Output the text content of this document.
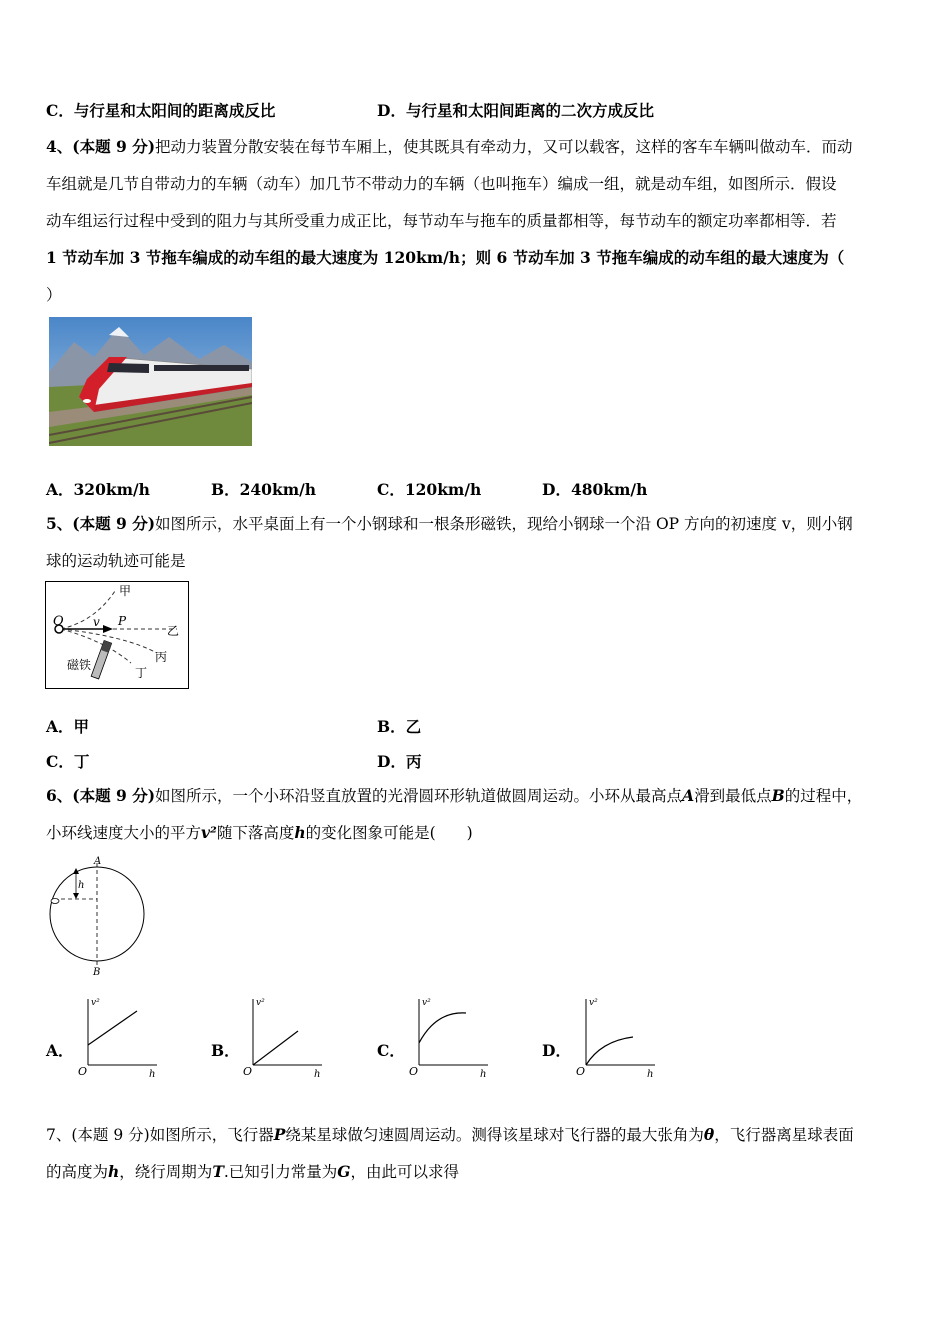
C．与行星和太阳间的距离成反比	D．与行星和太阳间距离的二次方成反比
4、(本题 9 分)把动力装置分散安装在每节车厢上，使其既具有牵动力，又可以载客，这样的客车车辆叫做动车．而动
车组就是几节自带动力的车辆（动车）加几节不带动力的车辆（也叫拖车）编成一组，就是动车组，如图所示．假设
动车组运行过程中受到的阻力与其所受重力成正比，每节动车与拖车的质量都相等，每节动车的额定功率都相等．若
1 节动车加 3 节拖车编成的动车组的最大速度为 120km/h；则 6 节动车加 3 节拖车编成的动车组的最大速度为（
）
A．320km/h	B．240km/h	C．120km/h	D．480km/h
5、(本题 9 分)如图所示，水平桌面上有一个小钢球和一根条形磁铁，现给小钢球一个沿 OP 方向的初速度 v，则小钢
球的运动轨迹可能是
O v P
甲
乙
丙
丁
磁铁
A．甲	B．乙
C．丁	D．丙
6、(本题 9 分)如图所示，一个小环沿竖直放置的光滑圆环形轨道做圆周运动。小环从最高点A滑到最低点B的过程中，
小环线速度大小的平方v²随下落高度h的变化图象可能是(　　)
A
B
h
A．	B．	C．	D．
v²
O	h
v²
O	h
v²
O	h
v²
O	h
7、(本题 9 分)如图所示，飞行器P绕某星球做匀速圆周运动。测得该星球对飞行器的最大张角为θ，飞行器离星球表面
的高度为h，绕行周期为T.已知引力常量为G，由此可以求得
